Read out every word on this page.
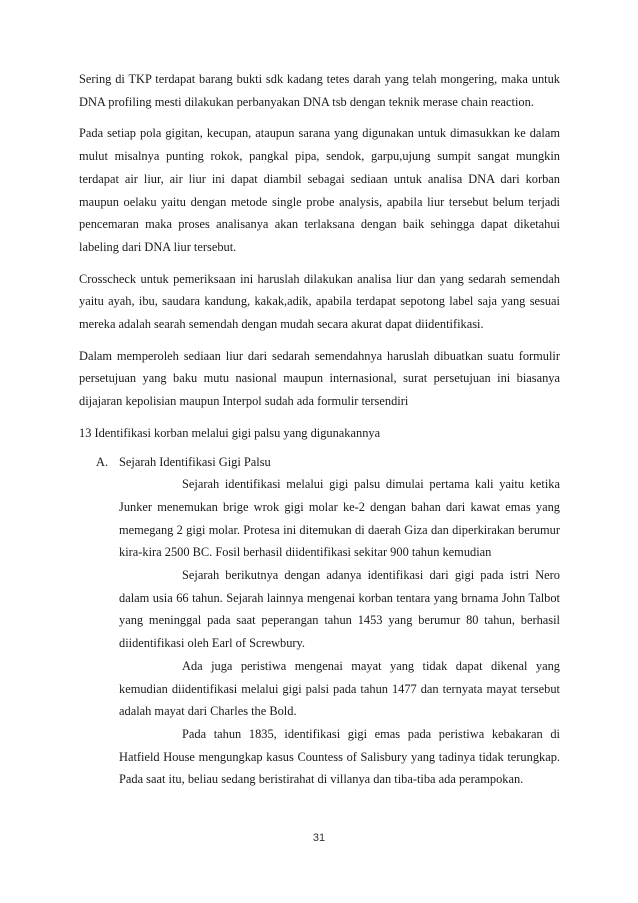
Sering di TKP terdapat barang bukti sdk kadang tetes darah yang telah mongering, maka untuk DNA profiling mesti dilakukan perbanyakan DNA tsb dengan teknik merase chain reaction.

Pada setiap pola gigitan, kecupan, ataupun sarana yang digunakan untuk dimasukkan ke dalam mulut misalnya punting rokok, pangkal pipa, sendok, garpu,ujung sumpit sangat mungkin terdapat air liur, air liur ini dapat diambil sebagai sediaan untuk analisa DNA dari korban maupun oelaku yaitu dengan metode single probe analysis, apabila liur tersebut belum terjadi pencemaran maka proses analisanya akan terlaksana dengan baik sehingga dapat diketahui labeling dari DNA liur tersebut.

Crosscheck untuk pemeriksaan ini haruslah dilakukan analisa liur dan yang sedarah semendah yaitu ayah, ibu, saudara kandung, kakak,adik, apabila terdapat sepotong label saja yang sesuai mereka adalah searah semendah dengan mudah secara akurat dapat diidentifikasi.

Dalam memperoleh sediaan liur dari sedarah semendahnya haruslah dibuatkan suatu formulir persetujuan yang baku mutu nasional maupun internasional, surat persetujuan ini biasanya dijajaran kepolisian maupun Interpol sudah ada formulir tersendiri

13 Identifikasi korban melalui gigi palsu yang digunakannya

A. Sejarah Identifikasi Gigi Palsu

Sejarah identifikasi melalui gigi palsu dimulai pertama kali yaitu ketika Junker menemukan brige wrok gigi molar ke-2 dengan bahan dari kawat emas yang memegang 2 gigi molar. Protesa ini ditemukan di daerah Giza dan diperkirakan berumur kira-kira 2500 BC. Fosil berhasil diidentifikasi sekitar 900 tahun kemudian

Sejarah berikutnya dengan adanya identifikasi dari gigi pada istri Nero dalam usia 66 tahun. Sejarah lainnya mengenai korban tentara yang brnama John Talbot yang meninggal pada saat peperangan tahun 1453 yang berumur 80 tahun, berhasil diidentifikasi oleh Earl of Screwbury.

Ada juga peristiwa mengenai mayat yang tidak dapat dikenal yang kemudian diidentifikasi melalui gigi palsi pada tahun 1477 dan ternyata mayat tersebut adalah mayat dari Charles the Bold.

Pada tahun 1835, identifikasi gigi emas pada peristiwa kebakaran di Hatfield House mengungkap kasus Countess of Salisbury yang tadinya tidak terungkap. Pada saat itu, beliau sedang beristirahat di villanya dan tiba-tiba ada perampokan.

31
